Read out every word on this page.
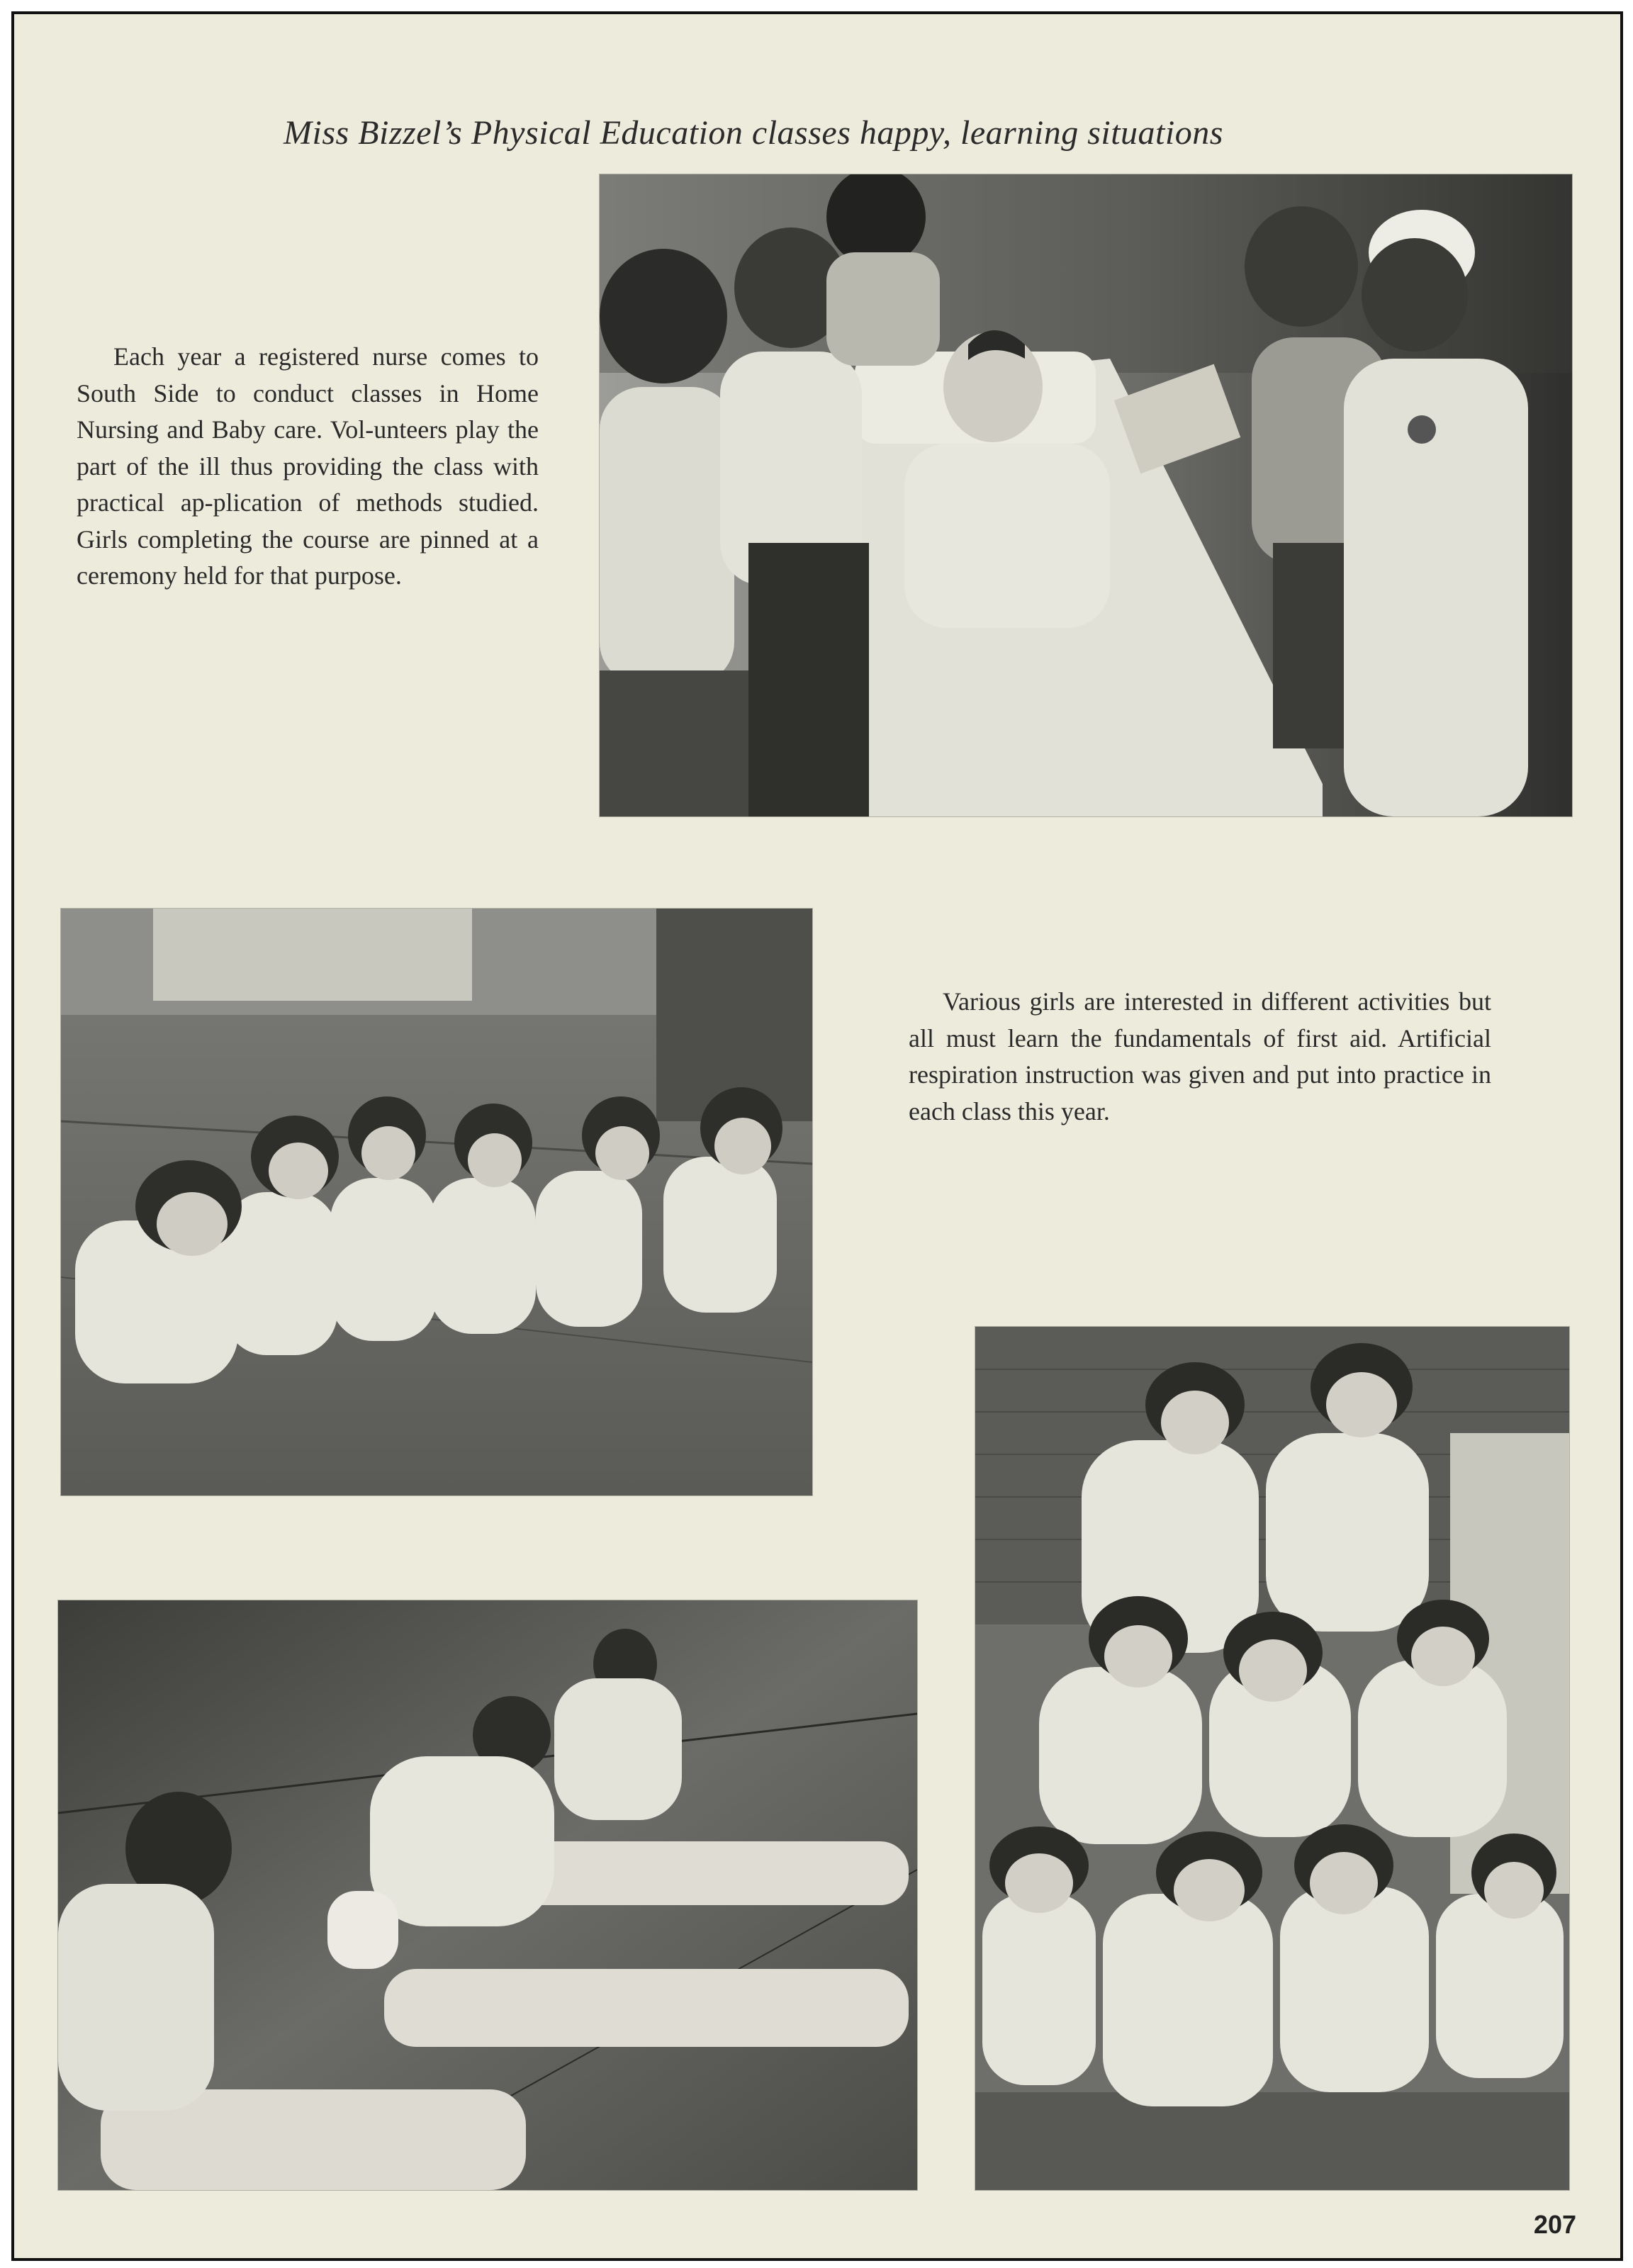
Miss Bizzel’s Physical Education classes happy, learning situations
Each year a registered nurse comes to South Side to conduct classes in Home Nursing and Baby care. Vol-unteers play the part of the ill thus providing the class with practical ap-plication of methods studied. Girls completing the course are pinned at a ceremony held for that purpose.
Various girls are interested in different activities but all must learn the fundamentals of first aid. Artificial respiration instruction was given and put into practice in each class this year.
207
